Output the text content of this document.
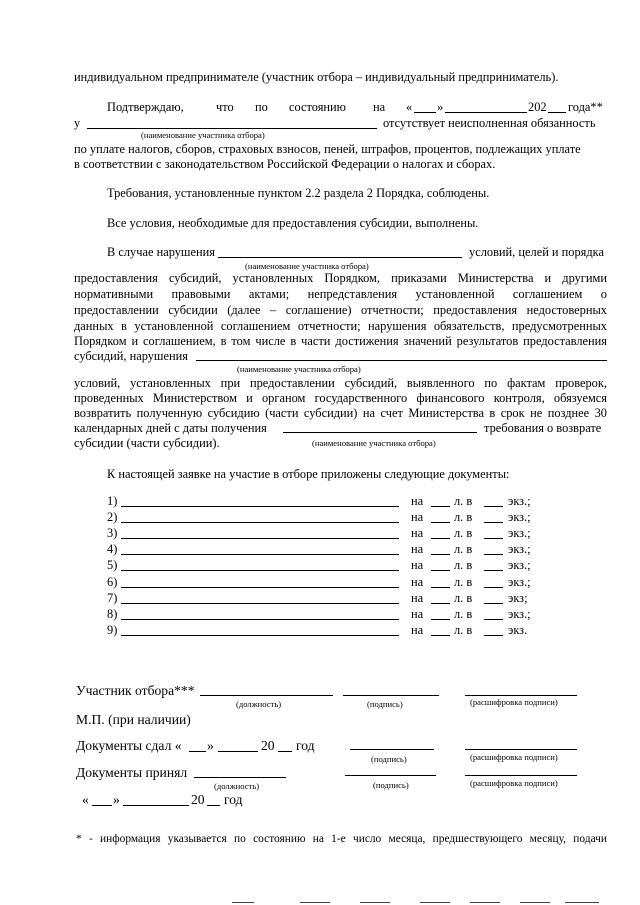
индивидуальном предпринимателе (участник отбора – индивидуальный предприниматель).
Подтверждаю,	что по состоянию на « »	202 года**
у	отсутствует неисполненная обязанность
(наименование участника отбора)
по уплате налогов, сборов, страховых взносов, пеней, штрафов, процентов, подлежащих уплате
в соответствии с законодательством Российской Федерации о налогах и сборах.
Требования, установленные пунктом 2.2 раздела 2 Порядка, соблюдены.
Все условия, необходимые для предоставления субсидии, выполнены.
В случае нарушения	условий, целей и порядка
(наименование участника отбора)
предоставления субсидий, установленных Порядком, приказами Министерства и другими
нормативными правовыми актами; непредставления установленной соглашением о
предоставлении субсидии (далее – соглашение) отчетности; предоставления недостоверных
данных в установленной соглашением отчетности; нарушения обязательств, предусмотренных
Порядком и соглашением, в том числе в части достижения значений результатов предоставления
субсидий, нарушения
(наименование участника отбора)
условий, установленных при предоставлении субсидий, выявленного по фактам проверок,
проведенных Министерством и органом государственного финансового контроля, обязуемся
возвратить полученную субсидию (части субсидии) на счет Министерства в срок не позднее 30
календарных дней с даты получения	требования о возврате
субсидии (части субсидии).	(наименование участника отбора)
К настоящей заявке на участие в отборе приложены следующие документы:
1)	на л. в	экз.;
2)	на л. в	экз.;
3)	на л. в	экз.;
4)	на л. в	экз.;
5)	на л. в	экз.;
6)	на л. в	экз.;
7)	на л. в	экз;
8)	на л. в	экз.;
9)	на л. в	экз.
Участник отбора***
(должность)	(подпись)	(расшифровка подписи)
М.П. (при наличии)
Документы сдал « »	20 год
(подпись)	(расшифровка подписи)
Документы принял
(должность)	(подпись)	(расшифровка подписи)
« »	20 год
* - информация указывается по состоянию на 1-е число месяца, предшествующего месяцу, подачи
